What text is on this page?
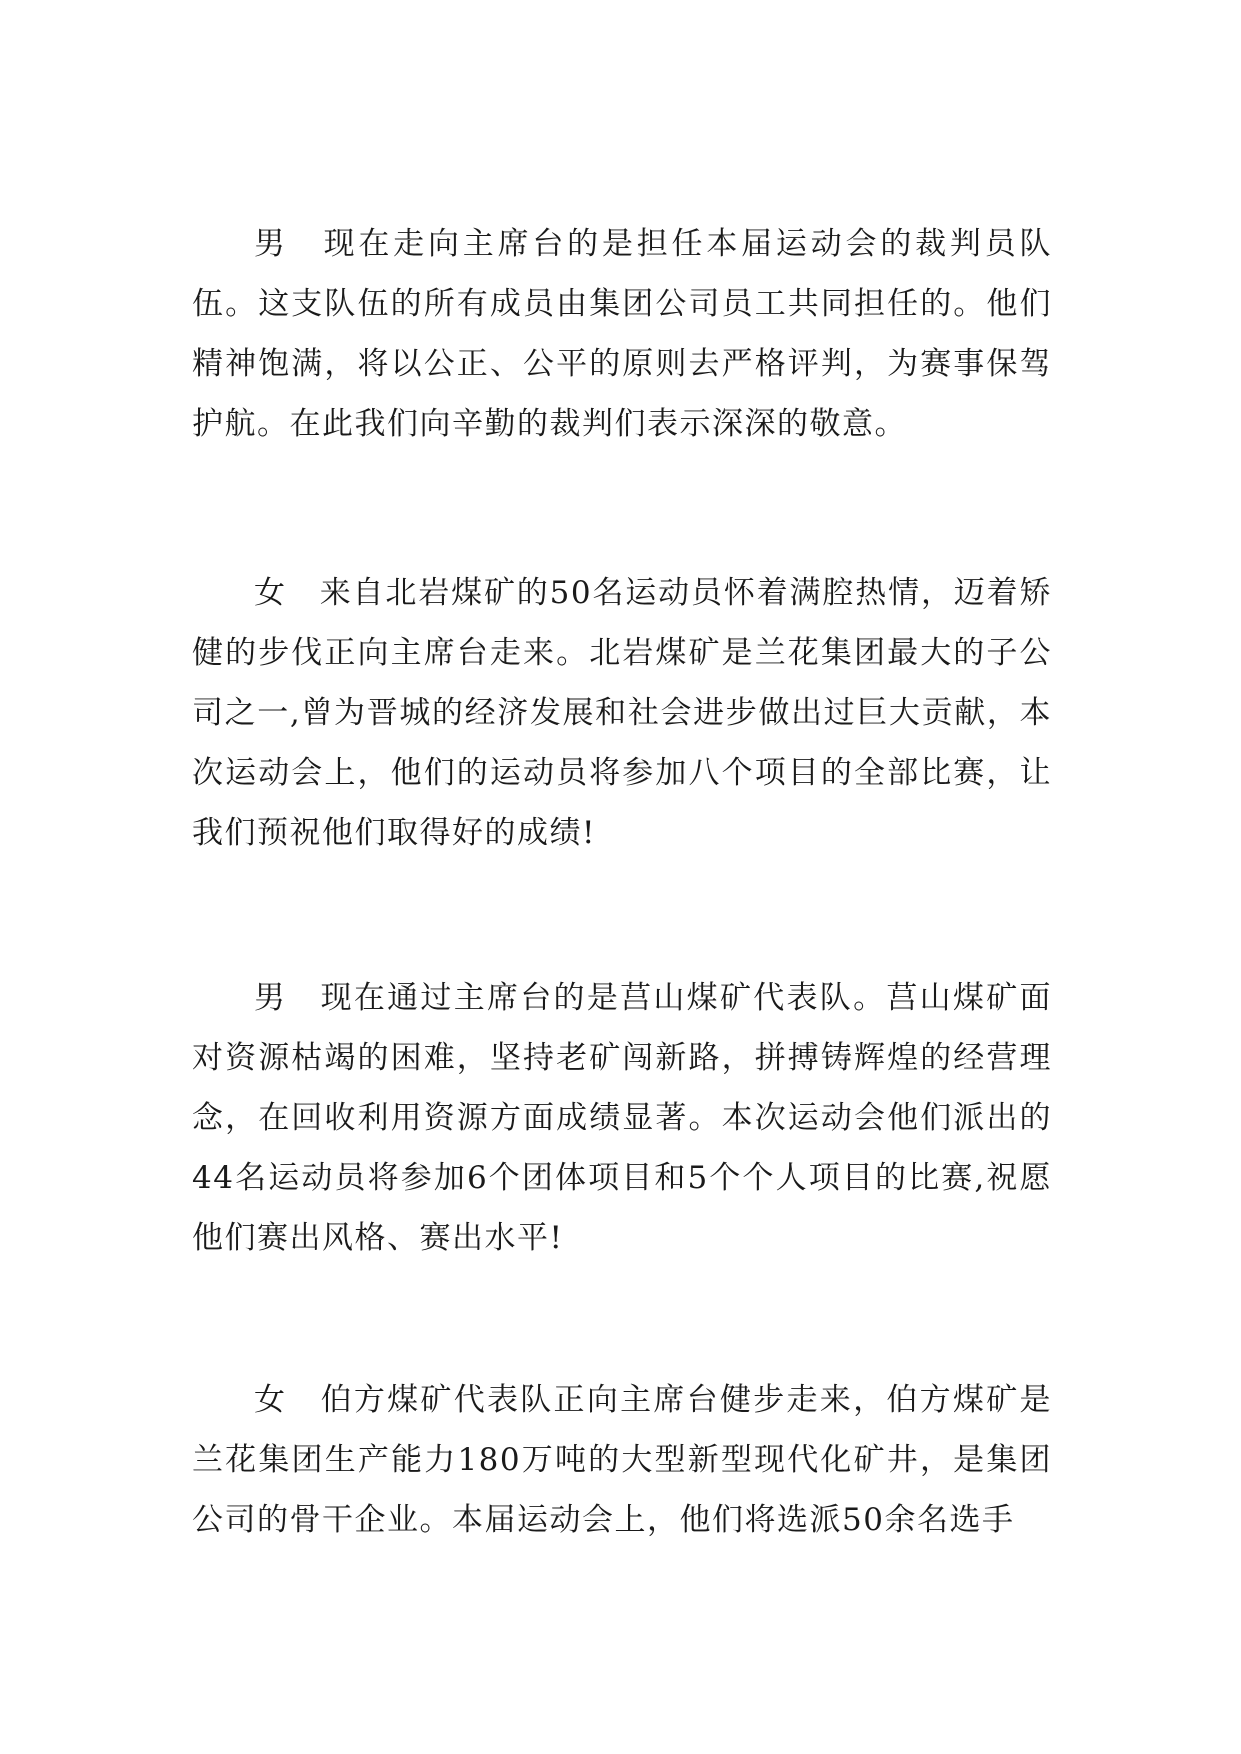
男　现在走向主席台的是担任本届运动会的裁判员队伍。这支队伍的所有成员由集团公司员工共同担任的。他们精神饱满，将以公正、公平的原则去严格评判，为赛事保驾护航。在此我们向辛勤的裁判们表示深深的敬意。

女　来自北岩煤矿的50名运动员怀着满腔热情，迈着矫健的步伐正向主席台走来。北岩煤矿是兰花集团最大的子公司之一,曾为晋城的经济发展和社会进步做出过巨大贡献，本次运动会上，他们的运动员将参加八个项目的全部比赛，让我们预祝他们取得好的成绩!

男　现在通过主席台的是莒山煤矿代表队。莒山煤矿面对资源枯竭的困难，坚持老矿闯新路，拼搏铸辉煌的经营理念，在回收利用资源方面成绩显著。本次运动会他们派出的44名运动员将参加6个团体项目和5个个人项目的比赛,祝愿他们赛出风格、赛出水平!

女　伯方煤矿代表队正向主席台健步走来，伯方煤矿是兰花集团生产能力180万吨的大型新型现代化矿井，是集团公司的骨干企业。本届运动会上，他们将选派50余名选手
